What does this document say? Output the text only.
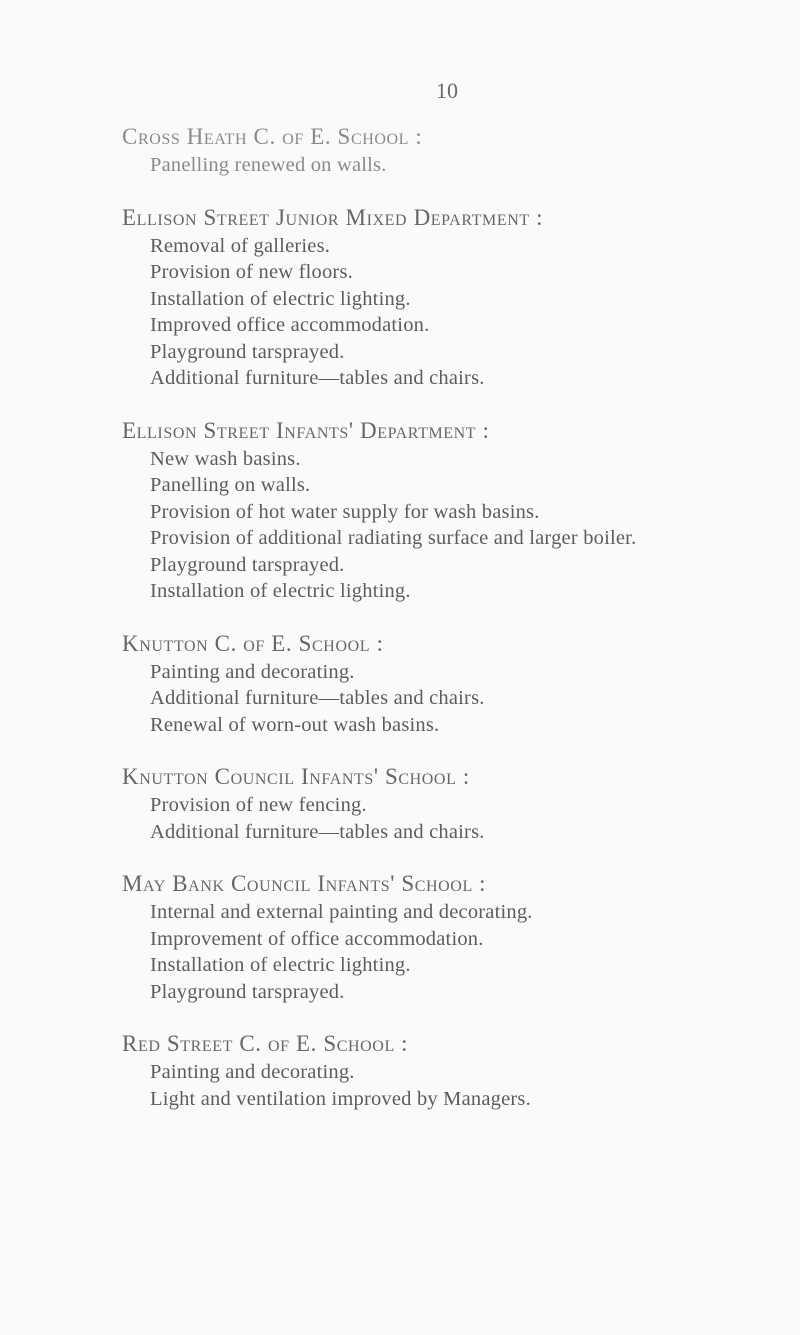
10
Cross Heath C. of E. School :
Panelling renewed on walls.
Ellison Street Junior Mixed Department :
Removal of galleries.
Provision of new floors.
Installation of electric lighting.
Improved office accommodation.
Playground tarsprayed.
Additional furniture—tables and chairs.
Ellison Street Infants' Department :
New wash basins.
Panelling on walls.
Provision of hot water supply for wash basins.
Provision of additional radiating surface and larger boiler.
Playground tarsprayed.
Installation of electric lighting.
Knutton C. of E. School :
Painting and decorating.
Additional furniture—tables and chairs.
Renewal of worn-out wash basins.
Knutton Council Infants' School :
Provision of new fencing.
Additional furniture—tables and chairs.
May Bank Council Infants' School :
Internal and external painting and decorating.
Improvement of office accommodation.
Installation of electric lighting.
Playground tarsprayed.
Red Street C. of E. School :
Painting and decorating.
Light and ventilation improved by Managers.
